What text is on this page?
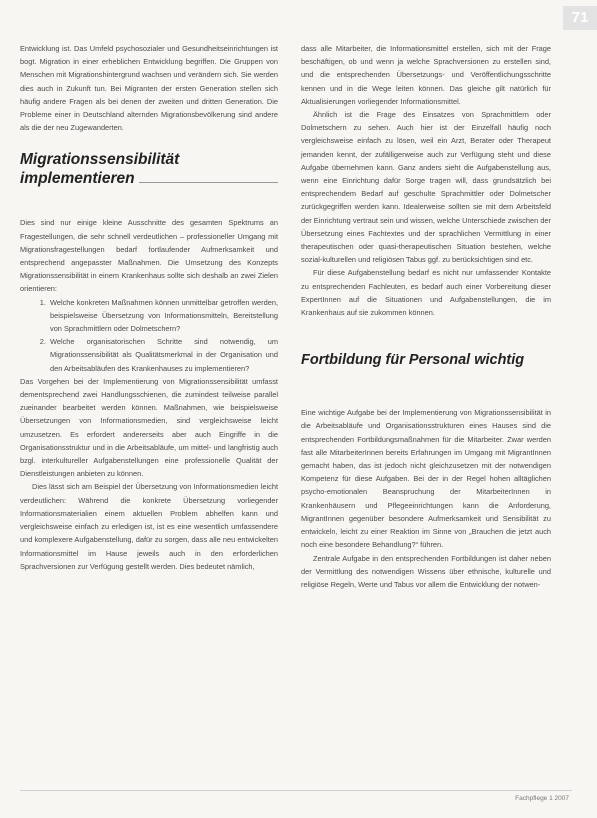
71

Entwicklung ist. Das Umfeld psychosozialer und Gesundheitseinrichtungen ist bogt. Migration in einer erheblichen Entwicklung begriffen. Die Gruppen von Menschen mit Migrationshintergrund wachsen und verändern sich. Sie werden dies auch in Zukunft tun. Bei Migranten der ersten Generation stellen sich häufig andere Fragen als bei denen der zweiten und dritten Generation. Die Probleme einer in Deutschland alternden Migrationsbevölkerung sind andere als die der neu Zugewanderten.

Migrationssensibilität
implementieren

Dies sind nur einige kleine Ausschnitte des gesamten Spektrums an Fragestellungen, die sehr schnell verdeutlichen – professioneller Umgang mit Migrationsfragestellungen bedarf fortlaufender Aufmerksamkeit und entsprechend angepasster Maßnahmen. Die Umsetzung des Konzepts Migrationssensibilität in einem Krankenhaus sollte sich deshalb an zwei Zielen orientieren:

1. Welche konkreten Maßnahmen können unmittelbar getroffen werden, beispielsweise Übersetzung von Informationsmitteln, Bereitstellung von Sprachmittlern oder Dolmetschern?
2. Welche organisatorischen Schritte sind notwendig, um Migrationssensibilität als Qualitätsmerkmal in der Organisation und den Arbeitsabläufen des Krankenhauses zu implementieren?

Das Vorgehen bei der Implementierung von Migrationssensibilität umfasst dementsprechend zwei Handlungsschienen, die zumindest teilweise parallel zueinander bearbeitet werden können. Maßnahmen, wie beispielsweise Übersetzungen von Informationsmedien, sind vergleichsweise leicht umzusetzen. Es erfordert andererseits aber auch Eingriffe in die Organisationsstruktur und in die Arbeitsabläufe, um mittel- und langfristig auch bzgl. interkultureller Aufgabenstellungen eine professionelle Qualität der Dienstleistungen anbieten zu können.

Dies lässt sich am Beispiel der Übersetzung von Informationsmedien leicht verdeutlichen: Während die konkrete Übersetzung vorliegender Informationsmaterialien einem aktuellen Problem abhelfen kann und vergleichsweise einfach zu erledigen ist, ist es eine wesentlich umfassendere und komplexere Aufgabenstellung, dafür zu sorgen, dass alle neu entwickelten Informationsmittel im Hause jeweils auch in den erforderlichen Sprachversionen zur Verfügung gestellt werden. Dies bedeutet nämlich,

dass alle Mitarbeiter, die Informationsmittel erstellen, sich mit der Frage beschäftigen, ob und wenn ja welche Sprachversionen zu erstellen sind, und die entsprechenden Übersetzungs- und Veröffentlichungsschritte kennen und in die Wege leiten können. Das gleiche gilt natürlich für Aktualisierungen vorliegender Informationsmittel.

Ähnlich ist die Frage des Einsatzes von Sprachmittlern oder Dolmetschern zu sehen. Auch hier ist der Einzelfall häufig noch vergleichsweise einfach zu lösen, weil ein Arzt, Berater oder Therapeut jemanden kennt, der zufälligerweise auch zur Verfügung steht und diese Aufgabe übernehmen kann. Ganz anders sieht die Aufgabenstellung aus, wenn eine Einrichtung dafür Sorge tragen will, dass grundsätzlich bei entsprechendem Bedarf auf geschulte Sprachmittler oder Dolmetscher zurückgegriffen werden kann. Idealerweise sollten sie mit dem Arbeitsfeld der Einrichtung vertraut sein und wissen, welche Unterschiede zwischen der Übersetzung eines Fachtextes und der sprachlichen Vermittlung in einer therapeutischen oder quasi-therapeutischen Situation bestehen, welche sozial-kulturellen und religiösen Tabus ggf. zu berücksichtigen sind etc.

Für diese Aufgabenstellung bedarf es nicht nur umfassender Kontakte zu entsprechenden Fachleuten, es bedarf auch einer Vorbereitung dieser ExpertInnen auf die Situationen und Aufgabenstellungen, die im Krankenhaus auf sie zukommen können.

Fortbildung für Personal wichtig

Eine wichtige Aufgabe bei der Implementierung von Migrationssensibilität in die Arbeitsabläufe und Organisationsstrukturen eines Hauses sind die entsprechenden Fortbildungsmaßnahmen für die Mitarbeiter. Zwar werden fast alle MitarbeiterInnen bereits Erfahrungen im Umgang mit MigrantInnen gemacht haben, das ist jedoch nicht gleichzusetzen mit der notwendigen Kompetenz für diese Aufgaben. Bei der in der Regel hohen alltäglichen psycho-emotionalen Beanspruchung der MitarbeiterInnen in Krankenhäusern und Pflegeeinrichtungen kann die Anforderung, MigrantInnen gegenüber besondere Aufmerksamkeit und Sensibilität zu entwickeln, leicht zu einer Reaktion im Sinne von „Brauchen die jetzt auch noch eine besondere Behandlung?“ führen.

Zentrale Aufgabe in den entsprechenden Fortbildungen ist daher neben der Vermittlung des notwendigen Wissens über ethnische, kulturelle und religiöse Regeln, Werte und Tabus vor allem die Entwicklung der notwen-

Fachpflege 1 2007
